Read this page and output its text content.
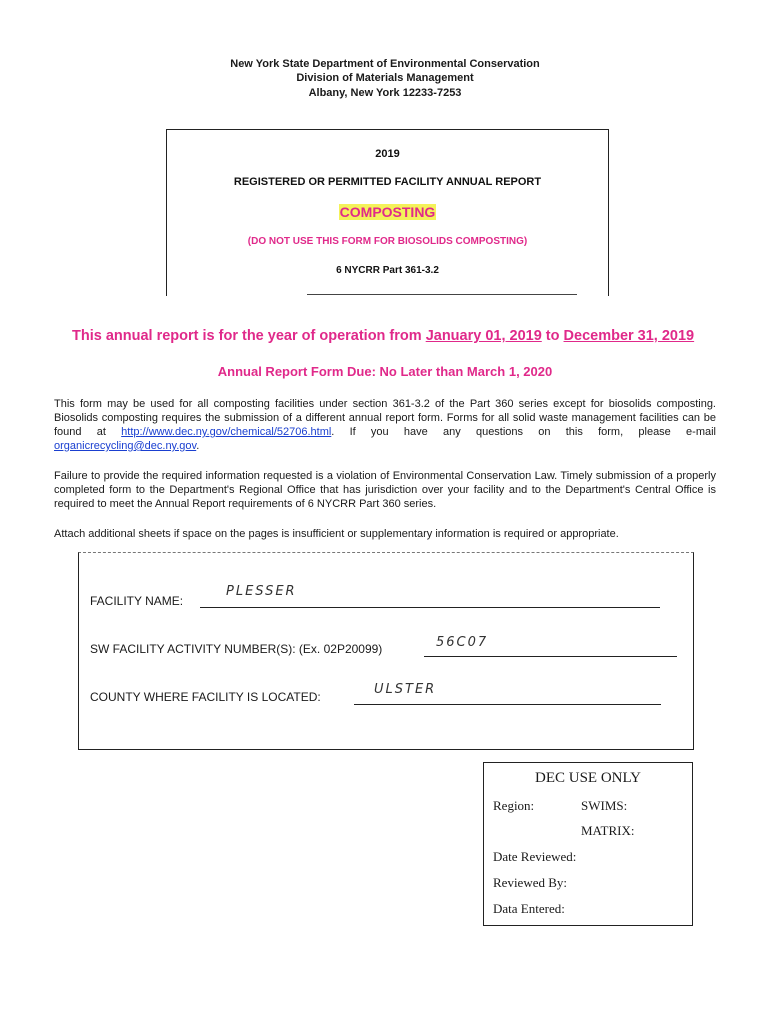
New York State Department of Environmental Conservation
Division of Materials Management
Albany, New York 12233-7253
2019
REGISTERED OR PERMITTED FACILITY ANNUAL REPORT
COMPOSTING
(DO NOT USE THIS FORM FOR BIOSOLIDS COMPOSTING)
6 NYCRR Part 361-3.2
This annual report is for the year of operation from January 01, 2019 to December 31, 2019
Annual Report Form Due: No Later than March 1, 2020
This form may be used for all composting facilities under section 361-3.2 of the Part 360 series except for biosolids composting. Biosolids composting requires the submission of a different annual report form. Forms for all solid waste management facilities can be found at http://www.dec.ny.gov/chemical/52706.html. If you have any questions on this form, please e-mail organicrecycling@dec.ny.gov.
Failure to provide the required information requested is a violation of Environmental Conservation Law. Timely submission of a properly completed form to the Department's Regional Office that has jurisdiction over your facility and to the Department's Central Office is required to meet the Annual Report requirements of 6 NYCRR Part 360 series.
Attach additional sheets if space on the pages is insufficient or supplementary information is required or appropriate.
FACILITY NAME:
PLESSER
SW FACILITY ACTIVITY NUMBER(S): (Ex. 02P20099)	56C07
COUNTY WHERE FACILITY IS LOCATED:	ULSTER
DEC USE ONLY
Region:	SWIMS:
MATRIX:
Date Reviewed:
Reviewed By:
Data Entered:
